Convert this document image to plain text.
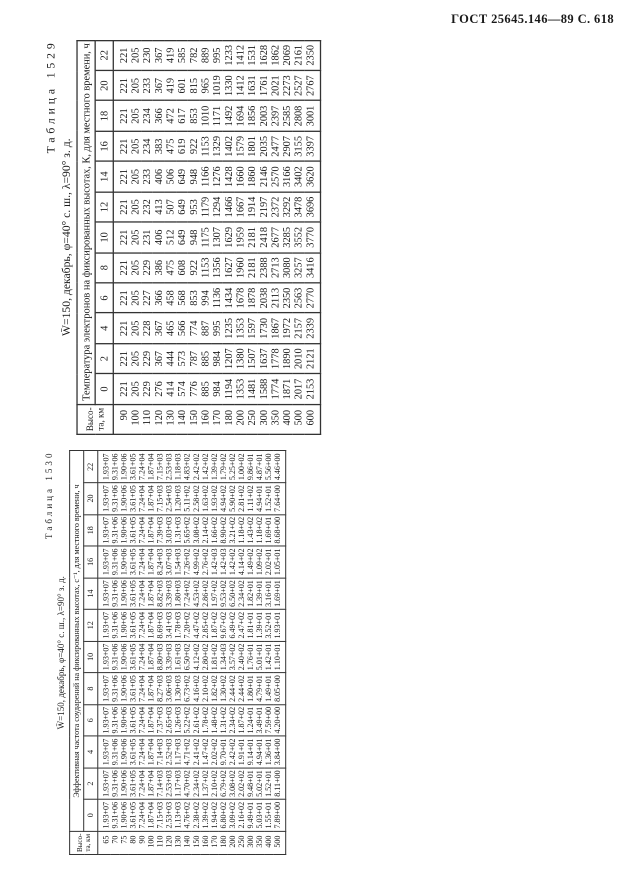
ГОСТ 25645.146—89 С. 618
Таблица 1529
W̄=150, декабрь, φ=40° с. ш., λ=90° з. д.
Высо-
та, км	Температура электронов на фиксированных высотах, К, для местного времени, ч											
	0	2	4	6	8	10	12	14	16	18	20	22
90	221	221	221	221	221	221	221	221	221	221	221	221
100	205	205	205	205	205	205	205	205	205	205	205	205
110	229	229	228	227	229	231	232	233	234	234	233	230
120	276	367	367	366	386	406	413	406	383	366	367	367
130	414	444	465	458	475	512	507	506	475	472	419	419
140	574	573	566	568	608	649	649	649	619	617	601	585
150	776	787	774	853	922	948	953	948	922	853	815	782
160	885	885	887	994	1153	1175	1179	1166	1153	1010	965	889
170	984	984	995	1136	1356	1307	1294	1276	1329	1171	1019	995
180	1194	1207	1235	1434	1627	1629	1466	1428	1402	1492	1330	1233
200	1353	1380	1353	1678	1960	1959	1667	1660	1579	1694	1412	1412
250	1481	1507	1597	1878	2181	2181	1914	1860	1801	1856	1631	1531
300	1588	1637	1730	2038	2388	2418	2197	2146	2035	2003	1761	1628
350	1774	1778	1867	2113	2713	2677	2372	2570	2477	2397	2021	1862
400	1871	1890	1972	2350	3080	3285	3292	3166	2907	2585	2273	2069
500	2017	2010	2157	2563	3257	3552	3478	3402	3155	2808	2527	2161
600	2153	2121	2339	2770	3416	3770	3696	3620	3397	3001	2767	2350
Таблица 1530
W̄=150, декабрь, φ=40° с. ш., λ=90° з. д.
Высо-
та, км	Эффективная частота соударений на фиксированных высотах, с⁻¹, для местного времени, ч											
	0	2	4	6	8	10	12	14	16	18	20	22
65	1.93+07	1.93+07	1.93+07	1.93+07	1.93+07	1.93+07	1.93+07	1.93+07	1.93+07	1.93+07	1.93+07	1.93+07
70	9.31+06	9.31+06	9.31+06	9.31+06	9.31+06	9.31+06	9.31+06	9.31+06	9.31+06	9.31+06	9.31+06	9.31+06
75	1.90+06	1.90+06	1.90+06	1.90+06	1.90+06	1.90+06	1.90+06	1.90+06	1.90+06	1.90+06	1.90+06	1.90+06
80	3.61+05	3.61+05	3.61+05	3.61+05	3.61+05	3.61+05	3.61+05	3.61+05	3.61+05	3.61+05	3.61+05	3.61+05
90	7.24+04	7.24+04	7.24+04	7.24+04	7.24+04	7.24+04	7.24+04	7.24+04	7.24+04	7.24+04	7.24+04	7.24+04
100	1.87+04	1.87+04	1.87+04	1.87+04	1.87+04	1.87+04	1.87+04	1.87+04	1.87+04	1.87+04	1.87+04	1.87+04
110	7.15+03	7.14+03	7.14+03	7.37+03	8.27+03	8.80+03	8.69+03	8.82+03	8.24+03	7.39+03	7.15+03	7.15+03
120	2.53+03	2.53+03	2.52+03	2.65+03	3.06+03	3.39+03	3.41+03	3.39+03	3.07+03	3.03+03	2.54+03	2.53+03
130	1.13+03	1.17+03	1.17+03	1.26+03	1.30+03	1.61+03	1.78+03	1.80+03	1.54+03	1.31+03	1.20+03	1.18+03
140	4.76+02	4.70+02	4.71+02	5.22+02	6.73+02	6.50+02	7.20+02	7.24+02	7.26+02	5.65+02	5.11+02	4.83+02
150	2.38+02	2.34+02	2.41+02	2.61+02	4.16+02	4.12+02	4.47+02	4.53+02	4.99+02	3.08+02	2.58+02	2.42+02
160	1.39+02	1.37+02	1.47+02	1.78+02	2.10+02	2.80+02	2.85+02	2.86+02	2.76+02	2.14+02	1.63+02	1.42+02
170	1.94+02	2.10+02	2.02+02	1.48+02	1.82+02	1.81+02	1.87+02	1.97+02	1.42+03	1.66+02	1.93+02	1.39+02
180	6.80+02	6.79+02	9.70+01	1.31+02	1.30+02	1.34+03	9.67+02	9.53+02	1.42+03	8.90+02	4.94+02	1.79+02
200	3.09+02	3.08+02	2.42+02	2.34+02	2.44+02	3.57+02	6.49+02	6.50+02	1.42+02	3.21+02	5.90+02	5.25+02
250	2.16+02	2.02+02	1.91+01	1.87+02	2.44+02	2.40+02	2.47+02	2.34+02	4.14+02	1.18+02	2.81+02	1.00+02
300	9.49+01	9.48+01	9.14+01	1.24+01	1.80+01	1.76+01	1.81+01	1.82+01	1.49+02	1.43+02	1.11+02	9.86+01
350	5.03+01	5.02+01	4.94+01	3.49+01	4.79+01	5.01+01	1.39+01	1.39+01	1.09+02	1.18+02	4.94+01	4.87+01
400	1.55+01	1.52+01	1.36+01	7.59+00	1.49+01	1.42+01	3.52+01	3.16+01	2.02+01	1.69+01	1.52+01	5.56+00
500	7.89+00	8.11+00	3.84+00	4.20+00	8.05+00	1.10+01	1.93+01	1.69+01	1.05+01	8.68+00	7.64+00	4.46+00
